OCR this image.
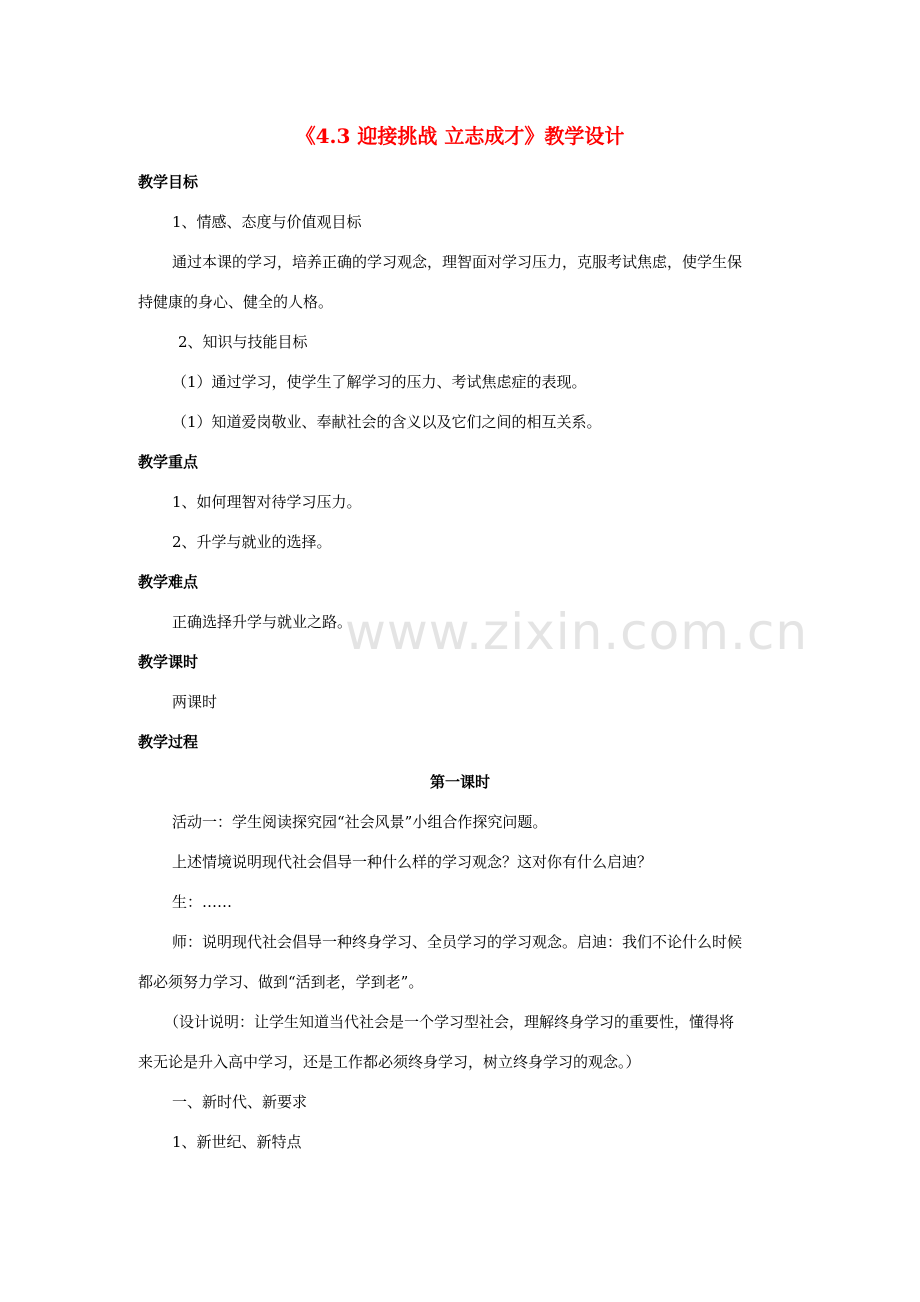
《4.3 迎接挑战 立志成才》教学设计
教学目标
1、情感、态度与价值观目标
通过本课的学习，培养正确的学习观念，理智面对学习压力，克服考试焦虑，使学生保
持健康的身心、健全的人格。
2、知识与技能目标
（1）通过学习，使学生了解学习的压力、考试焦虑症的表现。
（1）知道爱岗敬业、奉献社会的含义以及它们之间的相互关系。
教学重点
1、如何理智对待学习压力。
2、升学与就业的选择。
教学难点
正确选择升学与就业之路。
教学课时
两课时
教学过程
第一课时
活动一：学生阅读探究园“社会风景”小组合作探究问题。
上述情境说明现代社会倡导一种什么样的学习观念？这对你有什么启迪？
生：……
师：说明现代社会倡导一种终身学习、全员学习的学习观念。启迪：我们不论什么时候
都必须努力学习、做到“活到老，学到老”。
（设计说明：让学生知道当代社会是一个学习型社会，理解终身学习的重要性，懂得将
来无论是升入高中学习，还是工作都必须终身学习，树立终身学习的观念。）
一、新时代、新要求
1、新世纪、新特点
www.zixin.com.cn
